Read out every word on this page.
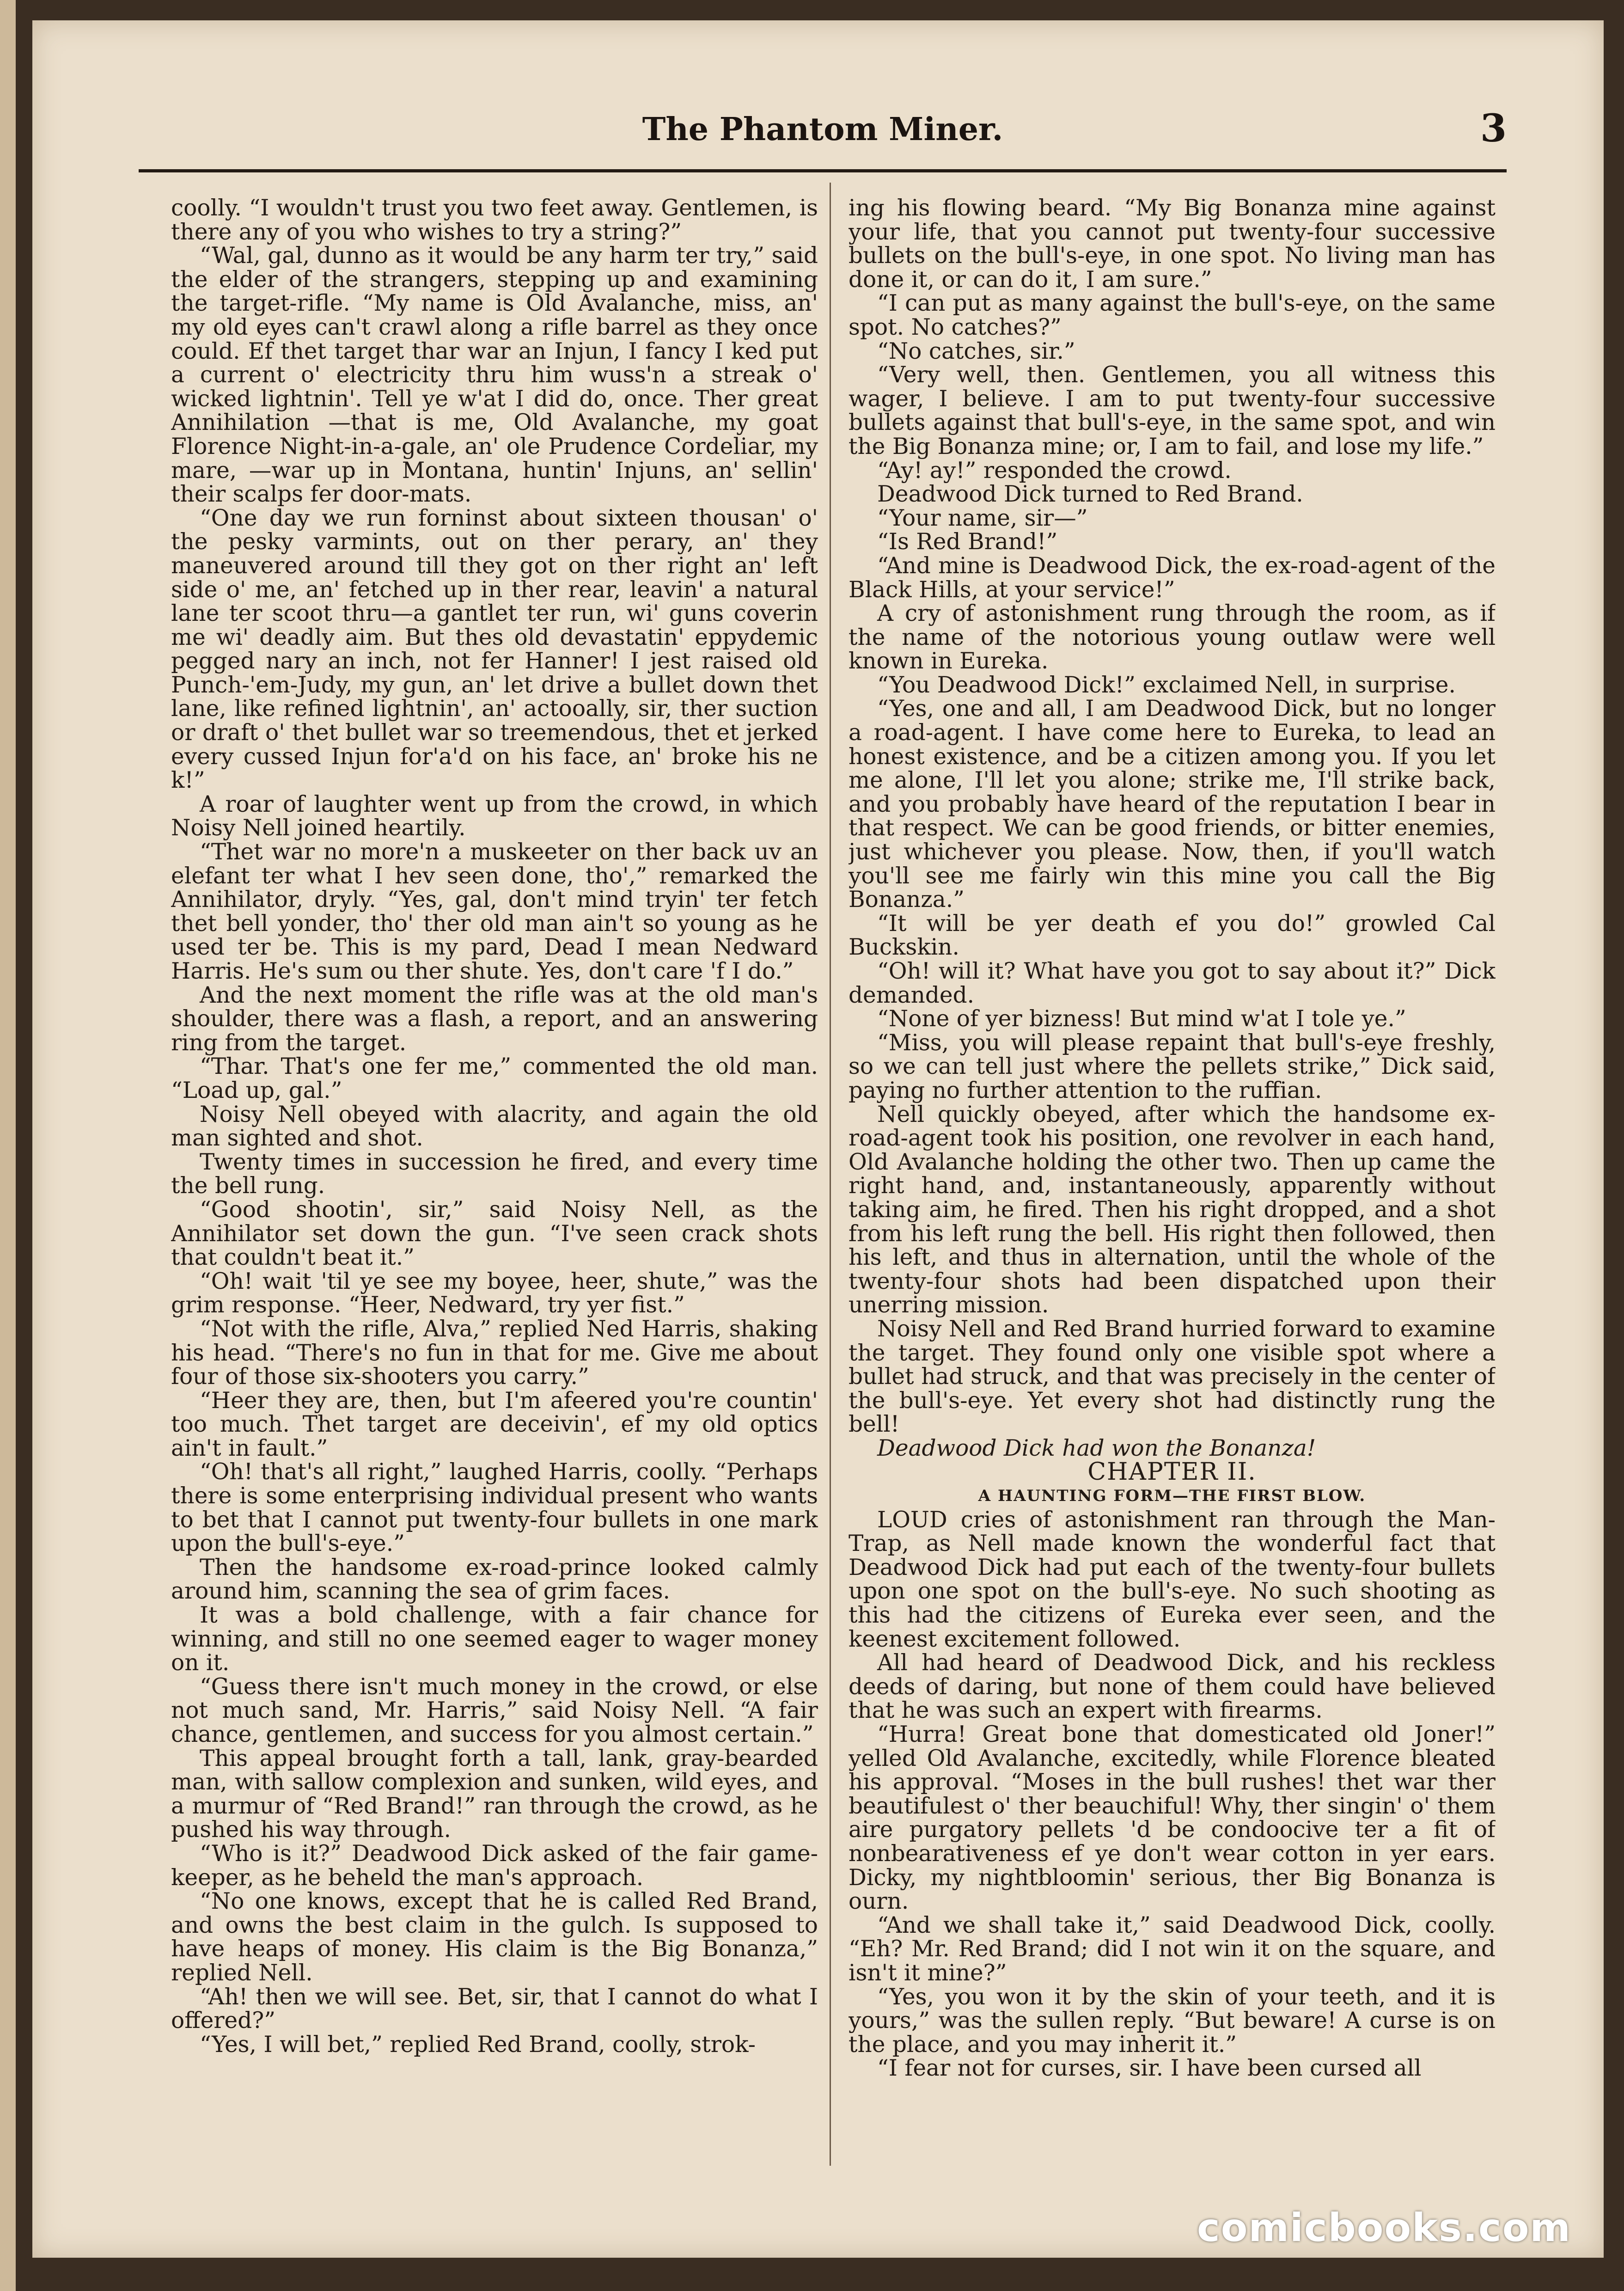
The Phantom Miner.	3

coolly. “I wouldn't trust you two feet away. Gentlemen, is there any of you who wishes to try a string?”

“Wal, gal, dunno as it would be any harm ter try,” said the elder of the strangers, stepping up and examining the target-rifle. “My name is Old Avalanche, miss, an' my old eyes can't crawl along a rifle barrel as they once could. Ef thet target thar war an Injun, I fancy I ked put a current o' electricity thru him wuss'n a streak o' wicked lightnin'. Tell ye w'at I did do, once. Ther great Annihilation —that is me, Old Avalanche, my goat Florence Night-in-a-gale, an' ole Prudence Cordeliar, my mare, —war up in Montana, huntin' Injuns, an' sellin' their scalps fer door-mats.

“One day we run forninst about sixteen thousan' o' the pesky varmints, out on ther perary, an' they maneuvered around till they got on ther right an' left side o' me, an' fetched up in ther rear, leavin' a natural lane ter scoot thru—a gantlet ter run, wi' guns coverin me wi' deadly aim. But thes old devastatin' eppydemic pegged nary an inch, not fer Hanner! I jest raised old Punch-'em-Judy, my gun, an' let drive a bullet down thet lane, like refined lightnin', an' actooally, sir, ther suction or draft o' thet bullet war so treemendous, thet et jerked every cussed Injun for'a'd on his face, an' broke his ne k!”

A roar of laughter went up from the crowd, in which Noisy Nell joined heartily.

“Thet war no more'n a muskeeter on ther back uv an elefant ter what I hev seen done, tho',” remarked the Annihilator, dryly. “Yes, gal, don't mind tryin' ter fetch thet bell yonder, tho' ther old man ain't so young as he used ter be. This is my pard, Dead I mean Nedward Harris. He's sum ou ther shute. Yes, don't care 'f I do.”

And the next moment the rifle was at the old man's shoulder, there was a flash, a report, and an answering ring from the target.

“Thar. That's one fer me,” commented the old man. “Load up, gal.”

Noisy Nell obeyed with alacrity, and again the old man sighted and shot.

Twenty times in succession he fired, and every time the bell rung.

“Good shootin', sir,” said Noisy Nell, as the Annihilator set down the gun. “I've seen crack shots that couldn't beat it.”

“Oh! wait 'til ye see my boyee, heer, shute,” was the grim response. “Heer, Nedward, try yer fist.”

“Not with the rifle, Alva,” replied Ned Harris, shaking his head. “There's no fun in that for me. Give me about four of those six-shooters you carry.”

“Heer they are, then, but I'm afeered you're countin' too much. Thet target are deceivin', ef my old optics ain't in fault.”

“Oh! that's all right,” laughed Harris, coolly. “Perhaps there is some enterprising individual present who wants to bet that I cannot put twenty-four bullets in one mark upon the bull's-eye.”

Then the handsome ex-road-prince looked calmly around him, scanning the sea of grim faces.

It was a bold challenge, with a fair chance for winning, and still no one seemed eager to wager money on it.

“Guess there isn't much money in the crowd, or else not much sand, Mr. Harris,” said Noisy Nell. “A fair chance, gentlemen, and success for you almost certain.”

This appeal brought forth a tall, lank, gray-bearded man, with sallow complexion and sunken, wild eyes, and a murmur of “Red Brand!” ran through the crowd, as he pushed his way through.

“Who is it?” Deadwood Dick asked of the fair game-keeper, as he beheld the man's approach.

“No one knows, except that he is called Red Brand, and owns the best claim in the gulch. Is supposed to have heaps of money. His claim is the Big Bonanza,” replied Nell.

“Ah! then we will see. Bet, sir, that I cannot do what I offered?”

“Yes, I will bet,” replied Red Brand, coolly, strok-

ing his flowing beard. “My Big Bonanza mine against your life, that you cannot put twenty-four successive bullets on the bull's-eye, in one spot. No living man has done it, or can do it, I am sure.”

“I can put as many against the bull's-eye, on the same spot. No catches?”

“No catches, sir.”

“Very well, then. Gentlemen, you all witness this wager, I believe. I am to put twenty-four successive bullets against that bull's-eye, in the same spot, and win the Big Bonanza mine; or, I am to fail, and lose my life.”

“Ay! ay!” responded the crowd.

Deadwood Dick turned to Red Brand.

“Your name, sir—”

“Is Red Brand!”

“And mine is Deadwood Dick, the ex-road-agent of the Black Hills, at your service!”

A cry of astonishment rung through the room, as if the name of the notorious young outlaw were well known in Eureka.

“You Deadwood Dick!” exclaimed Nell, in surprise.

“Yes, one and all, I am Deadwood Dick, but no longer a road-agent. I have come here to Eureka, to lead an honest existence, and be a citizen among you. If you let me alone, I'll let you alone; strike me, I'll strike back, and you probably have heard of the reputation I bear in that respect. We can be good friends, or bitter enemies, just whichever you please. Now, then, if you'll watch you'll see me fairly win this mine you call the Big Bonanza.”

“It will be yer death ef you do!” growled Cal Buckskin.

“Oh! will it? What have you got to say about it?” Dick demanded.

“None of yer bizness! But mind w'at I tole ye.”

“Miss, you will please repaint that bull's-eye freshly, so we can tell just where the pellets strike,” Dick said, paying no further attention to the ruffian.

Nell quickly obeyed, after which the handsome ex-road-agent took his position, one revolver in each hand, Old Avalanche holding the other two. Then up came the right hand, and, instantaneously, apparently without taking aim, he fired. Then his right dropped, and a shot from his left rung the bell. His right then followed, then his left, and thus in alternation, until the whole of the twenty-four shots had been dispatched upon their unerring mission.

Noisy Nell and Red Brand hurried forward to examine the target. They found only one visible spot where a bullet had struck, and that was precisely in the center of the bull's-eye. Yet every shot had distinctly rung the bell!

Deadwood Dick had won the Bonanza!

CHAPTER II.

A HAUNTING FORM—THE FIRST BLOW.

LOUD cries of astonishment ran through the Man-Trap, as Nell made known the wonderful fact that Deadwood Dick had put each of the twenty-four bullets upon one spot on the bull's-eye. No such shooting as this had the citizens of Eureka ever seen, and the keenest excitement followed.

All had heard of Deadwood Dick, and his reckless deeds of daring, but none of them could have believed that he was such an expert with firearms.

“Hurra! Great bone that domesticated old Joner!” yelled Old Avalanche, excitedly, while Florence bleated his approval. “Moses in the bull rushes! thet war ther beautifulest o' ther beauchiful! Why, ther singin' o' them aire purgatory pellets 'd be condoocive ter a fit of nonbearativeness ef ye don't wear cotton in yer ears. Dicky, my nightbloomin' serious, ther Big Bonanza is ourn.

“And we shall take it,” said Deadwood Dick, coolly. “Eh? Mr. Red Brand; did I not win it on the square, and isn't it mine?”

“Yes, you won it by the skin of your teeth, and it is yours,” was the sullen reply. “But beware! A curse is on the place, and you may inherit it.”

“I fear not for curses, sir. I have been cursed all

comicbooks.com
